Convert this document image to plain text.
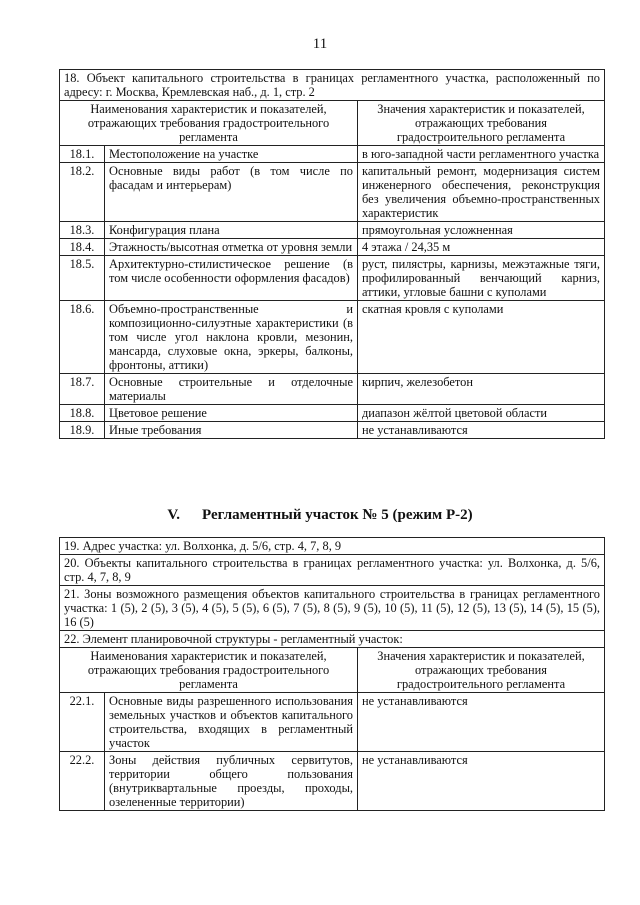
11
18. Объект капитального строительства в границах регламентного участка, расположенный по адресу: г. Москва, Кремлевская наб., д. 1, стр. 2		
Наименования характеристик и показателей, отражающих требования градостроительного регламента		Значения характеристик и показателей, отражающих требования градостроительного регламента
18.1.	Местоположение на участке	в юго-западной части регламентного участка
18.2.	Основные виды работ (в том числе по фасадам и интерьерам)	капитальный ремонт, модернизация систем инженерного обеспечения, реконструкция без увеличения объемно-пространственных характеристик
18.3.	Конфигурация плана	прямоугольная усложненная
18.4.	Этажность/высотная отметка от уровня земли	4 этажа / 24,35 м
18.5.	Архитектурно-стилистическое решение (в том числе особенности оформления фасадов)	руст, пилястры, карнизы, межэтажные тяги, профилированный венчающий карниз, аттики, угловые башни с куполами
18.6.	Объемно-пространственные и композиционно-силуэтные характеристики (в том числе угол наклона кровли, мезонин, мансарда, слуховые окна, эркеры, балконы, фронтоны, аттики)	скатная кровля с куполами
18.7.	Основные строительные и отделочные материалы	кирпич, железобетон
18.8.	Цветовое решение	диапазон жёлтой цветовой области
18.9.	Иные требования	не устанавливаются
V. Регламентный участок № 5 (режим Р-2)
19. Адрес участка: ул. Волхонка, д. 5/6, стр. 4, 7, 8, 9		
20. Объекты капитального строительства в границах регламентного участка: ул. Волхонка, д. 5/6, стр. 4, 7, 8, 9		
21. Зоны возможного размещения объектов капитального строительства в границах регламентного участка: 1 (5), 2 (5), 3 (5), 4 (5), 5 (5), 6 (5), 7 (5), 8 (5), 9 (5), 10 (5), 11 (5), 12 (5), 13 (5), 14 (5), 15 (5), 16 (5)		
22. Элемент планировочной структуры - регламентный участок:		
Наименования характеристик и показателей, отражающих требования градостроительного регламента		Значения характеристик и показателей, отражающих требования градостроительного регламента
22.1.	Основные виды разрешенного использования земельных участков и объектов капитального строительства, входящих в регламентный участок	не устанавливаются
22.2.	Зоны действия публичных сервитутов, территории общего пользования (внутриквартальные проезды, проходы, озелененные территории)	не устанавливаются
